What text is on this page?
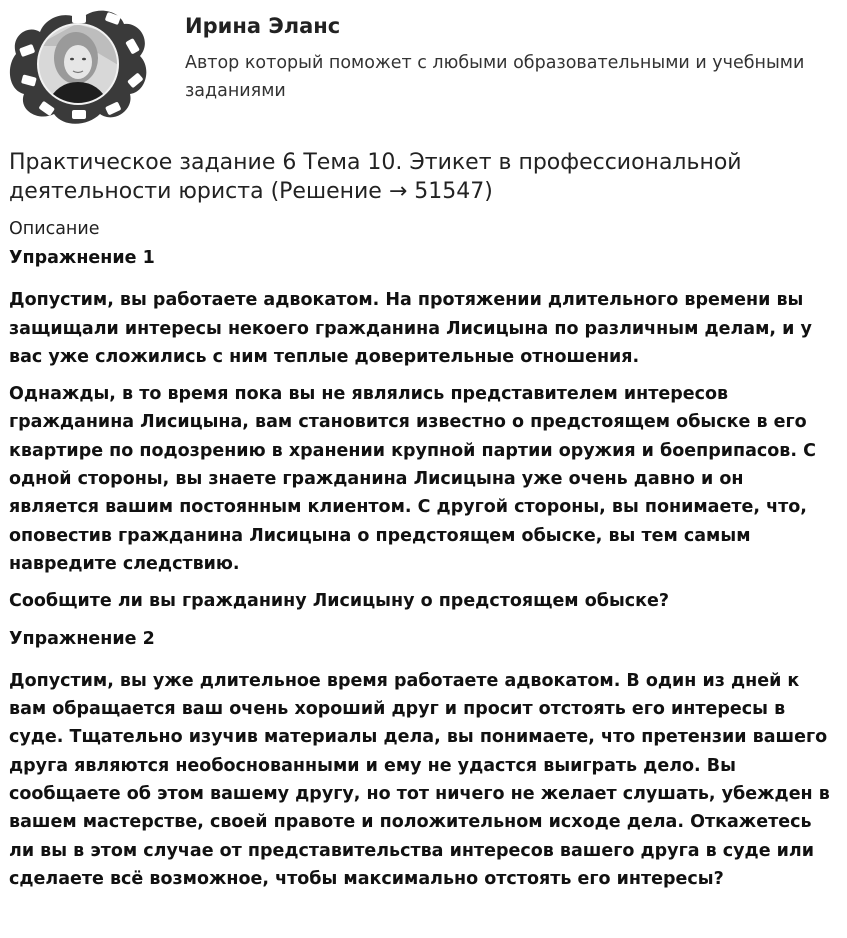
Ирина Эланс
Автор который поможет с любыми образовательными и учебными заданиями
Практическое задание 6 Тема 10. Этикет в профессиональной деятельности юриста (Решение → 51547)
Описание

Упражнение 1

Допустим, вы работаете адвокатом. На протяжении длительного времени вы защищали интересы некоего гражданина Лисицына по различным делам, и у вас уже сложились с ним теплые доверительные отношения.

Однажды, в то время пока вы не являлись представителем интересов гражданина Лисицына, вам становится известно о предстоящем обыске в его квартире по подозрению в хранении крупной партии оружия и боеприпасов. С одной стороны, вы знаете гражданина Лисицына уже очень давно и он является вашим постоянным клиентом. С другой стороны, вы понимаете, что, оповестив гражданина Лисицына о предстоящем обыске, вы тем самым навредите следствию.

Сообщите ли вы гражданину Лисицыну о предстоящем обыске?

Упражнение 2

Допустим, вы уже длительное время работаете адвокатом. В один из дней к вам обращается ваш очень хороший друг и просит отстоять его интересы в суде. Тщательно изучив материалы дела, вы понимаете, что претензии вашего друга являются необоснованными и ему не удастся выиграть дело. Вы сообщаете об этом вашему другу, но тот ничего не желает слушать, убежден в вашем мастерстве, своей правоте и положительном исходе дела. Откажетесь ли вы в этом случае от представительства интересов вашего друга в суде или сделаете всё возможное, чтобы максимально отстоять его интересы?
